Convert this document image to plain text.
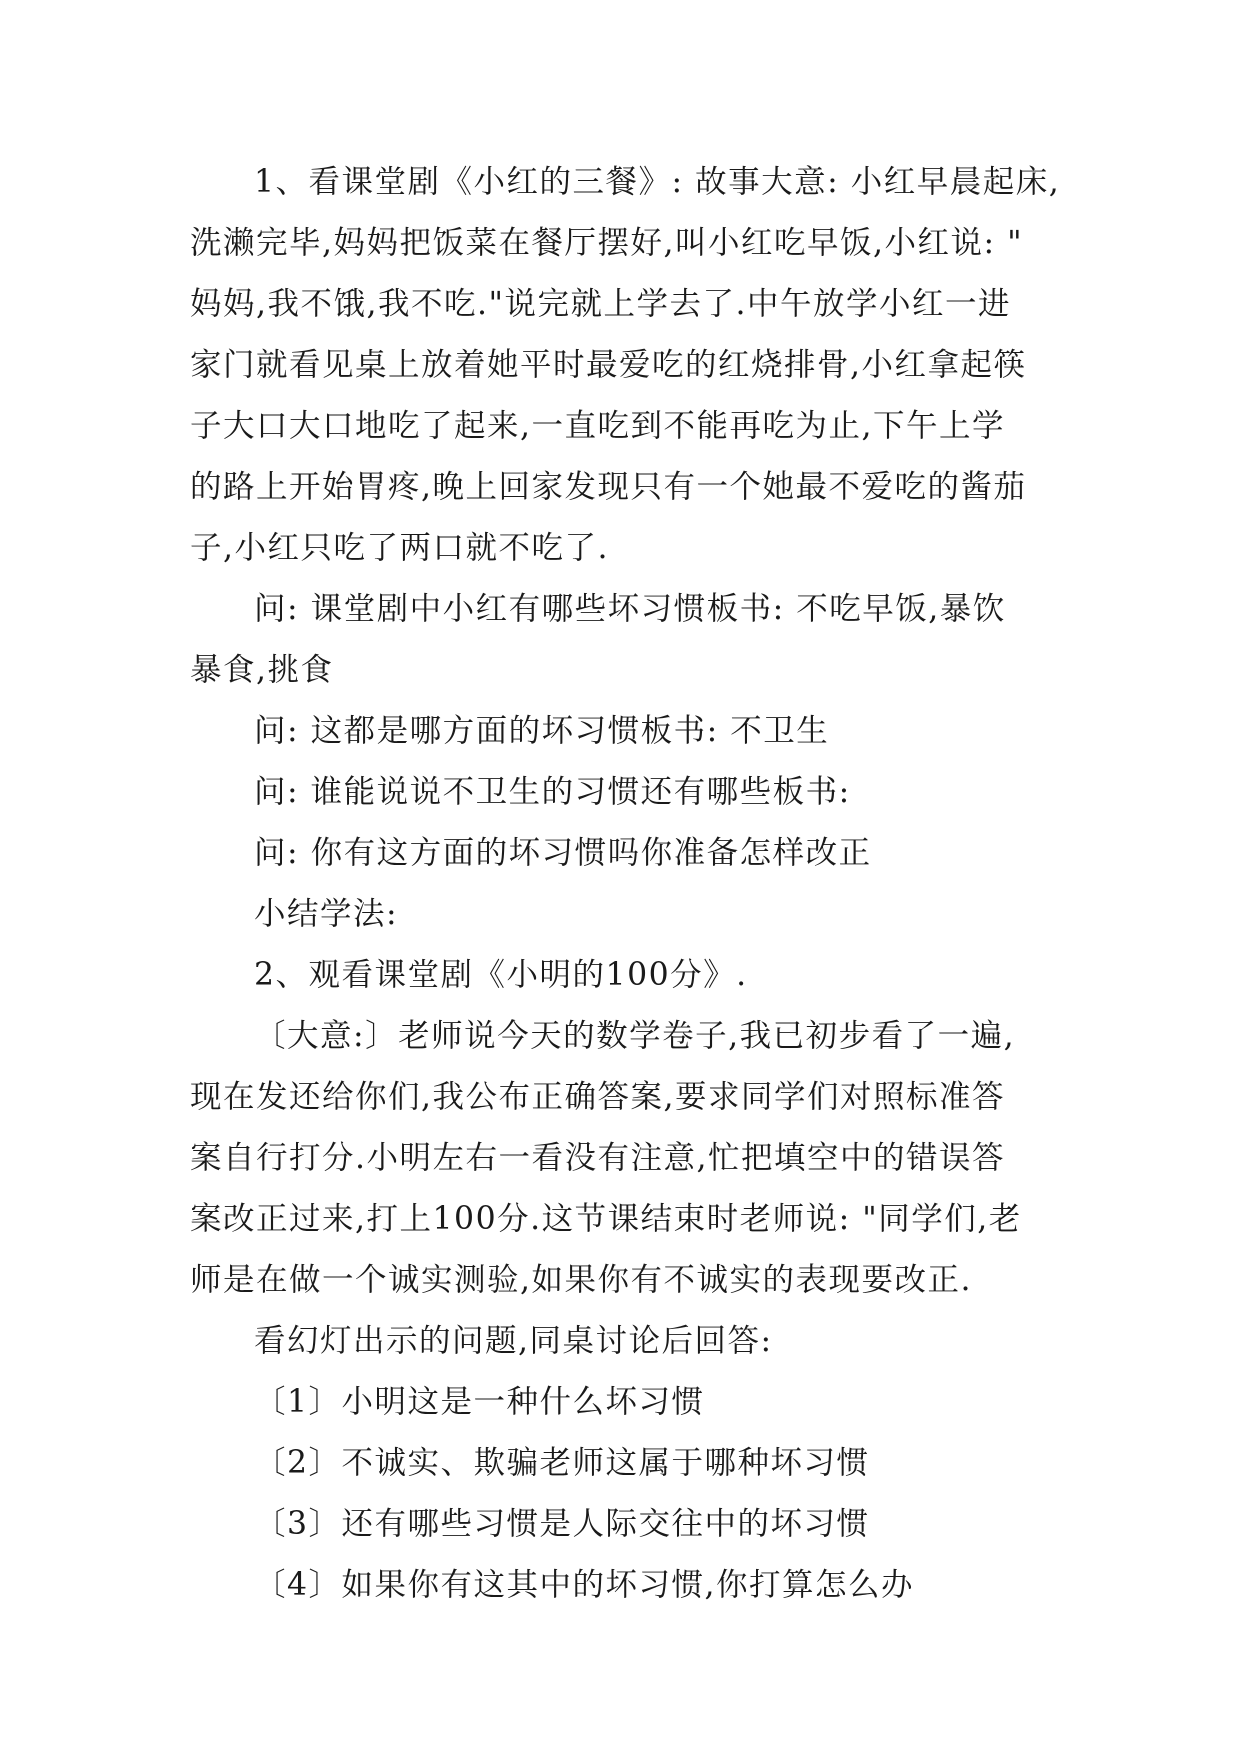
1、看课堂剧《小红的三餐》: 故事大意: 小红早晨起床,
洗濑完毕,妈妈把饭菜在餐厅摆好,叫小红吃早饭,小红说: "
妈妈,我不饿,我不吃."说完就上学去了.中午放学小红一进
家门就看见桌上放着她平时最爱吃的红烧排骨,小红拿起筷
子大口大口地吃了起来,一直吃到不能再吃为止,下午上学
的路上开始胃疼,晚上回家发现只有一个她最不爱吃的酱茄
子,小红只吃了两口就不吃了.
问: 课堂剧中小红有哪些坏习惯板书: 不吃早饭,暴饮
暴食,挑食
问: 这都是哪方面的坏习惯板书: 不卫生
问: 谁能说说不卫生的习惯还有哪些板书:
问: 你有这方面的坏习惯吗你准备怎样改正
小结学法:
2、观看课堂剧《小明的100分》.
〔大意:〕老师说今天的数学卷子,我已初步看了一遍,
现在发还给你们,我公布正确答案,要求同学们对照标准答
案自行打分.小明左右一看没有注意,忙把填空中的错误答
案改正过来,打上100分.这节课结束时老师说: "同学们,老
师是在做一个诚实测验,如果你有不诚实的表现要改正.
看幻灯出示的问题,同桌讨论后回答:
〔1〕小明这是一种什么坏习惯
〔2〕不诚实、欺骗老师这属于哪种坏习惯
〔3〕还有哪些习惯是人际交往中的坏习惯
〔4〕如果你有这其中的坏习惯,你打算怎么办
